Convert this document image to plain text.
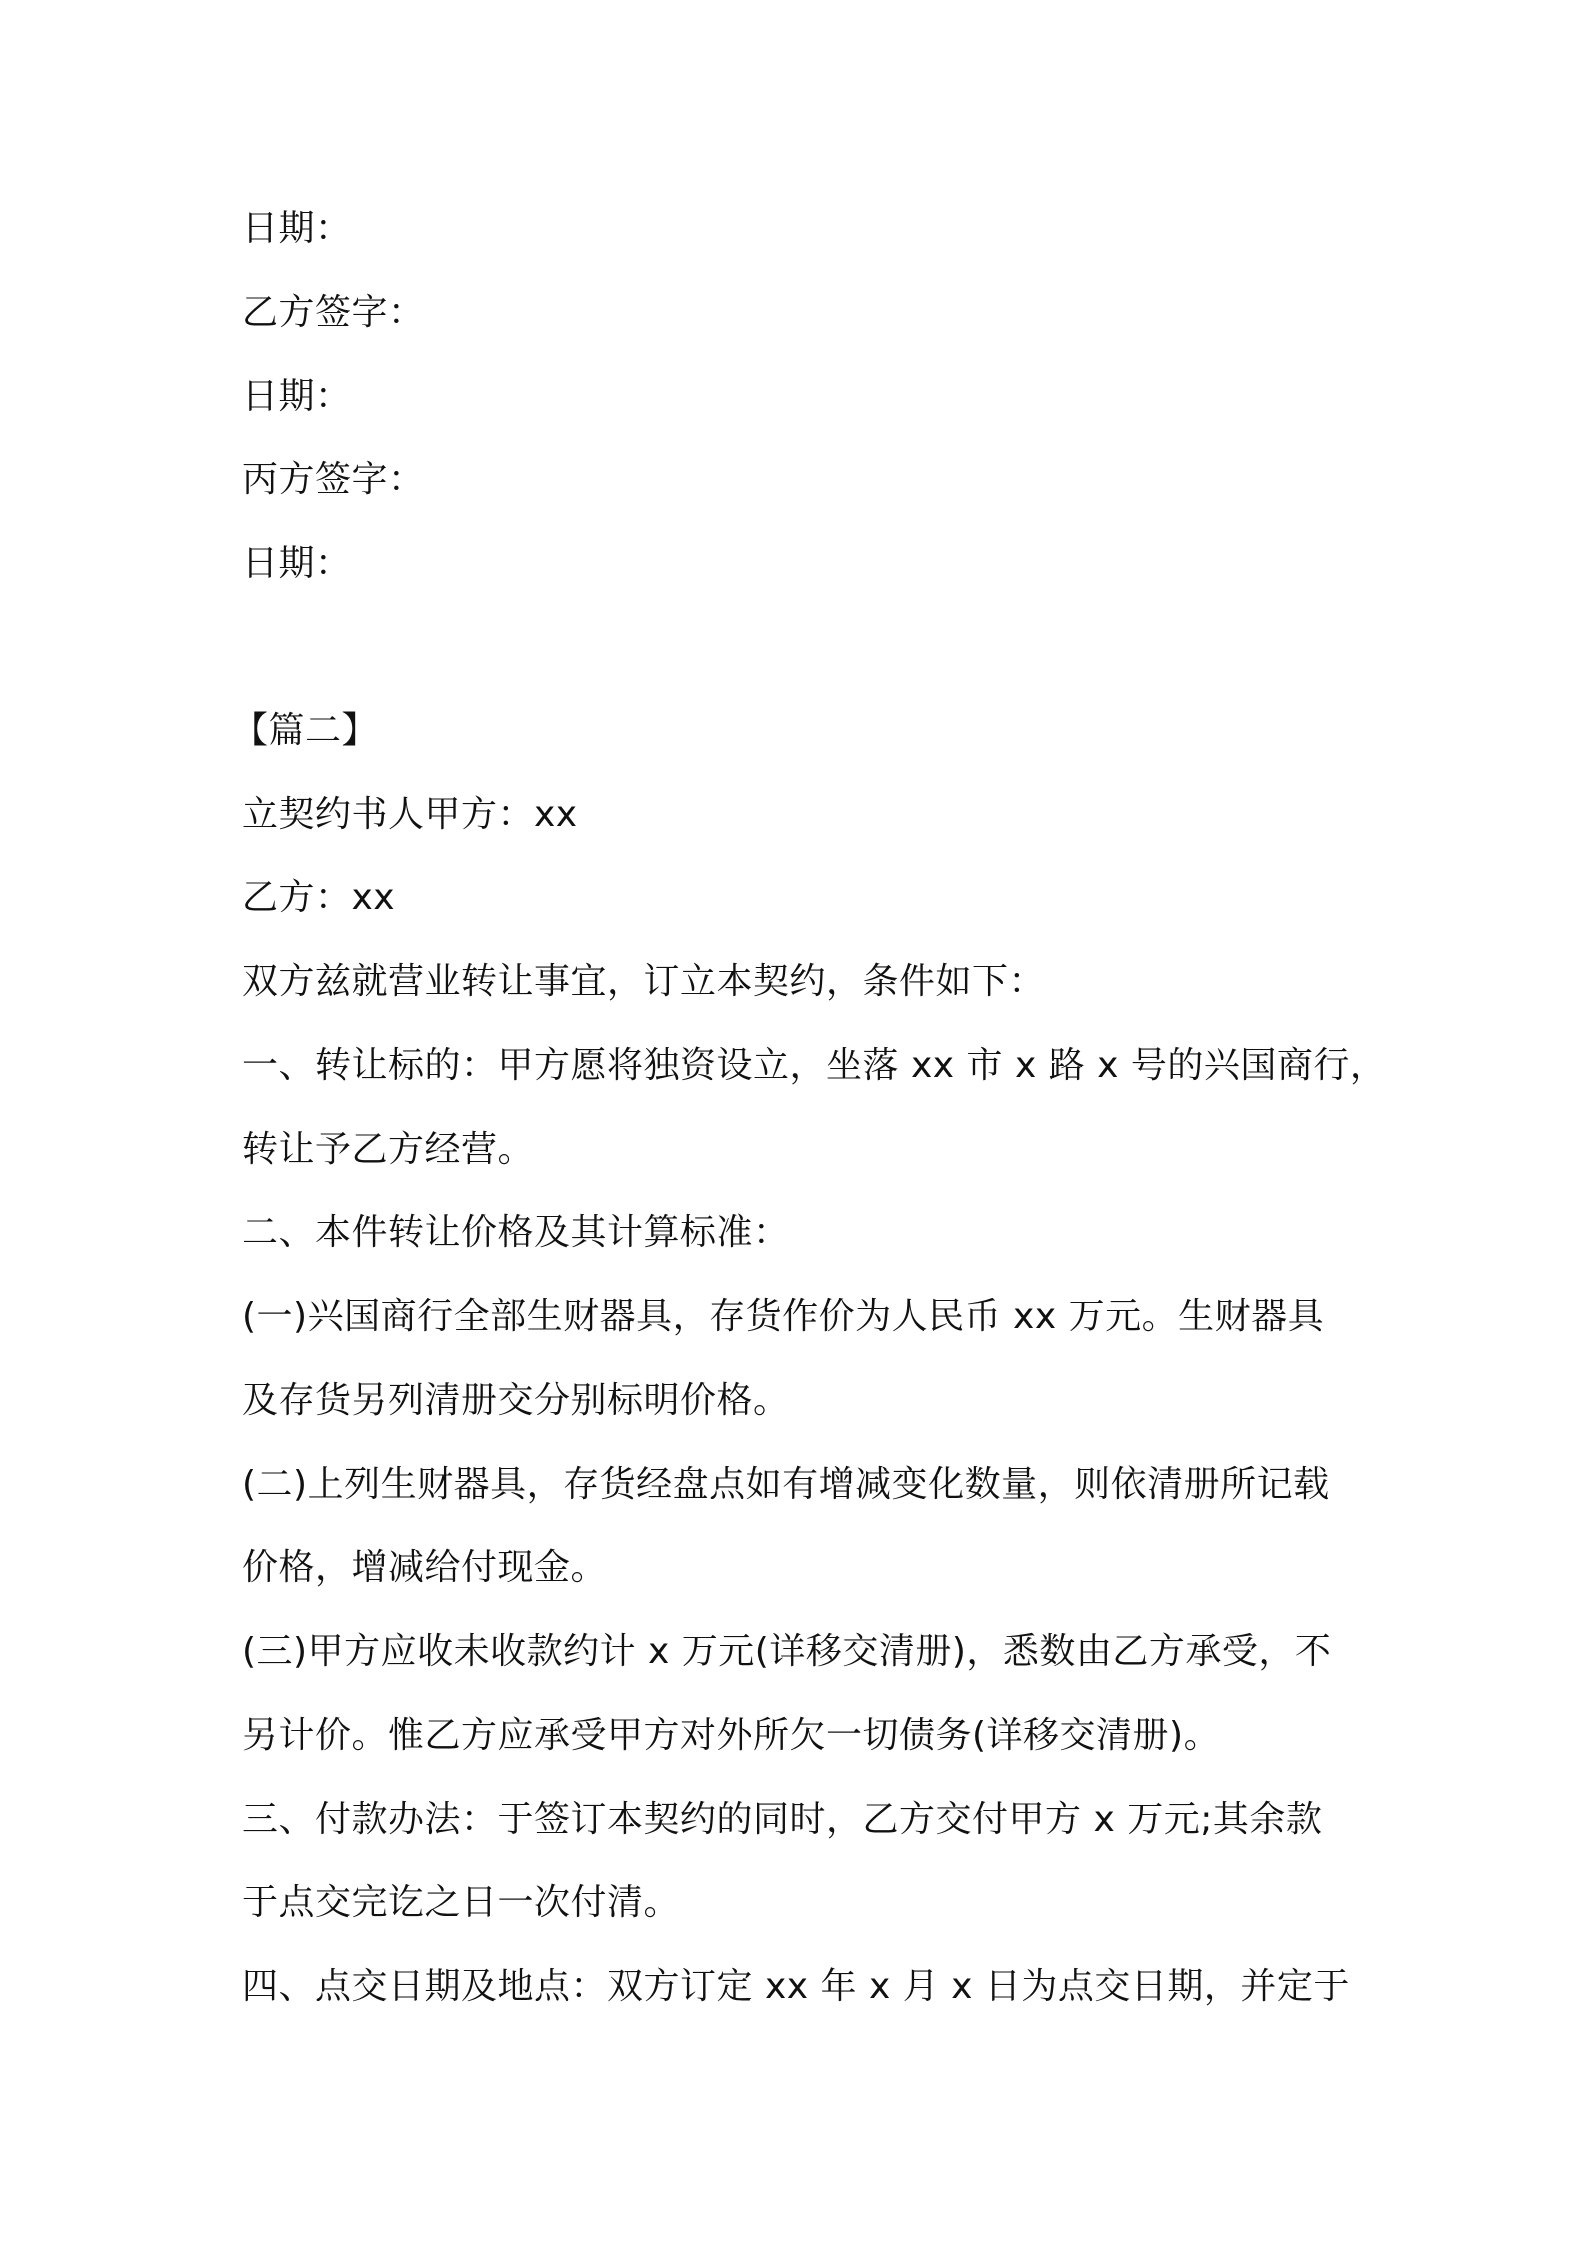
日期：
乙方签字：
日期：
丙方签字：
日期：
【篇二】
立契约书人甲方：xx
乙方：xx
双方兹就营业转让事宜，订立本契约，条件如下：
一、转让标的：甲方愿将独资设立，坐落 xx 市 x 路 x 号的兴国商行，
转让予乙方经营。
二、本件转让价格及其计算标准：
(一)兴国商行全部生财器具，存货作价为人民币 xx 万元。生财器具
及存货另列清册交分别标明价格。
(二)上列生财器具，存货经盘点如有增减变化数量，则依清册所记载
价格，增减给付现金。
(三)甲方应收未收款约计 x 万元(详移交清册)，悉数由乙方承受，不
另计价。惟乙方应承受甲方对外所欠一切债务(详移交清册)。
三、付款办法：于签订本契约的同时，乙方交付甲方 x 万元;其余款
于点交完讫之日一次付清。
四、点交日期及地点：双方订定 xx 年 x 月 x 日为点交日期，并定于
